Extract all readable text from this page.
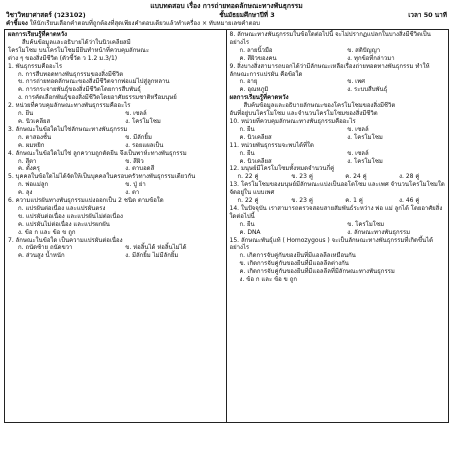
แบบทดสอบ เรื่อง การถ่ายทอดลักษณะทางพันธุกรรม
วิชาวิทยาศาสตร์ (ว23102)	ชั้นมัธยมศึกษาปีที่ 3	เวลา 50 นาที
คำชี้แจง ให้นักเรียนเลือกคำตอบที่ถูกต้องที่สุดเพียงคำตอบเดียวแล้วทำเครื่อง × ทับหมายเลขคำตอบ
ผลการเรียนรู้ที่คาดหวัง
สืบค้นข้อมูลและอธิบายได้ว่าในนิวเคลียสมี
โครโมโซม บนโครโมโซมมียีนทำหน้าที่ควบคุมลักษณะ
ต่าง ๆ ของสิ่งมีชีวิต (ตัวชี้วัด ว 1.2 ม.3/1)
1. พันธุกรรมคืออะไร
ก. การสืบทอดทางพันธุกรรมของสิ่งมีชีวิต
ข. การถ่ายทอดลักษณะของสิ่งมีชีวิตจากพ่อแม่ไปสู่ลูกหลาน
ค. การกระจายพันธุ์ของสิ่งมีชีวิตโดยการสืบพันธุ์
ง. การคัดเลือกพันธุ์ของสิ่งมีชีวิตโดยอาศัยธรรมชาติหรือมนุษย์
2. หน่วยที่ควบคุมลักษณะทางพันธุกรรมคืออะไร
ก. ยีน	ข. เซลล์
ค. นิวเคลียส	ง. โครโมโซม
3. ลักษณะในข้อใดไม่ใช่ลักษณะทางพันธุกรรม
ก. ตาสองชั้น	ข. มีลักยิ้ม
ค. ผมหยิก	ง. รอยแผลเป็น
4. ลักษณะในข้อใดไม่ใช่ ลูกความถูกตัดยีน จึงเป็นพาห์ะทางพันธุกรรม
ก. สีตา	ข. สีผิว
ค. ตั้งครุ	ง. ตาบอดสี
5. บุคคลในข้อใดไม่ได้จัดให้เป็นบุคคลในครอบครัวทางพันธุกรรมเดียวกัน
ก. พ่อแม่ลูก	ข. ปู่ ย่า
ค. ลุง	ง. ตา
6. ความแปรผันทางพันธุกรรมแบ่งออกเป็น 2 ชนิด ตามข้อใด
ก. แปรผันต่อเนื่อง และแปรผันตรง
ข. แปรผันต่อเนื่อง และแปรผันไม่ต่อเนื่อง
ค. แปรผันไม่ต่อเนื่อง และแปรผกผัน
ง. ข้อ ก และ ข้อ ข ถูก
7. ลักษณะในข้อใด เป็นความแปรผันต่อเนื่อง
ก. ถนัดซ้าย ถนัดขวา	ข. ห่อลิ้นได้ ห่อลิ้นไม่ได้
ค. ส่วนสูง น้ำหนัก	ง. มีลักยิ้ม ไม่มีลักยิ้ม
8. ลักษณะทางพันธุกรรมในข้อใดต่อไปนี้ จะไม่ปรากฏแปลกในบางสิ่งมีชีวิตเป็นอย่างไร
ก. ลายนิ้วมือ	ข. สติปัญญา
ค. สีผิวของคน	ง. ทุกข้อที่กล่าวมา
9. สิ่งบางสิ่งสามารถบอกได้ว่ามีลักษณะเหลือเรื่องถ่ายทอดทางพันธุกรรม ทำให้ลักษณะการแปรผัน คือข้อใด
ก. อายุ	ข. เพศ
ค. อุณหภูมิ	ง. ระบบสืบพันธุ์
ผลการเรียนรู้ที่คาดหวัง
สืบค้นข้อมูลและอธิบายลักษณะของโครโมโซมของสิ่งมีชีวิต
อันที่อยู่บนโครโมโซม และจำนวนโครโมโซมของสิ่งมีชีวิต
10. หน่วยที่ควบคุมลักษณะทางพันธุกรรมคืออะไร
ก. ยีน	ข. เซลล์
ค. นิวเคลียส	ง. โครโมโซม
11. หน่วยพันธุกรรมจะพบได้ที่ใด
ก. ยีน	ข. เซลล์
ค. นิวเคลียส	ง. โครโมโซม
12. มนุษย์มีโครโมโซมทั้งหมดจำนวนกี่คู่
ก. 22 คู่	ข. 23 คู่	ค. 24 คู่	ง. 28 คู่
13. โครโมโซมของมนุษย์มีลักษณะแบ่งเป็นออโตโซม และเพศ จำนวนโครโมโซมใดจัดอยู่ใน แบบเพศ
ก. 22 คู่	ข. 23 คู่	ค. 1 คู่	ง. 46 คู่
14. ในปัจจุบัน เราสามารถตรวจสอบสายสัมพันธ์ระหว่าง พ่อ แม่ ลูกได้ โดยอาศัยสิ่งใดต่อไปนี้
ก. ยีน	ข. โครโมโซม
ค. DNA	ง. ลักษณะทางพันธุกรรม
15. ลักษณะพันธุ์แท้ ( Homozygous ) จะเป็นลักษณะทางพันธุกรรมที่เกิดขึ้นได้อย่างไร
ก. เกิดการจับคู่กันของยีนที่มีแอลลีลเหมือนกัน
ข. เกิดการจับคู่กันของยีนที่มีแอลลีลต่างกัน
ค. เกิดการจับคู่กันของยีนที่มีแอลลีลที่มีลักษณะทางพันธุกรรม
ง. ข้อ ก และ ข้อ ข ถูก
